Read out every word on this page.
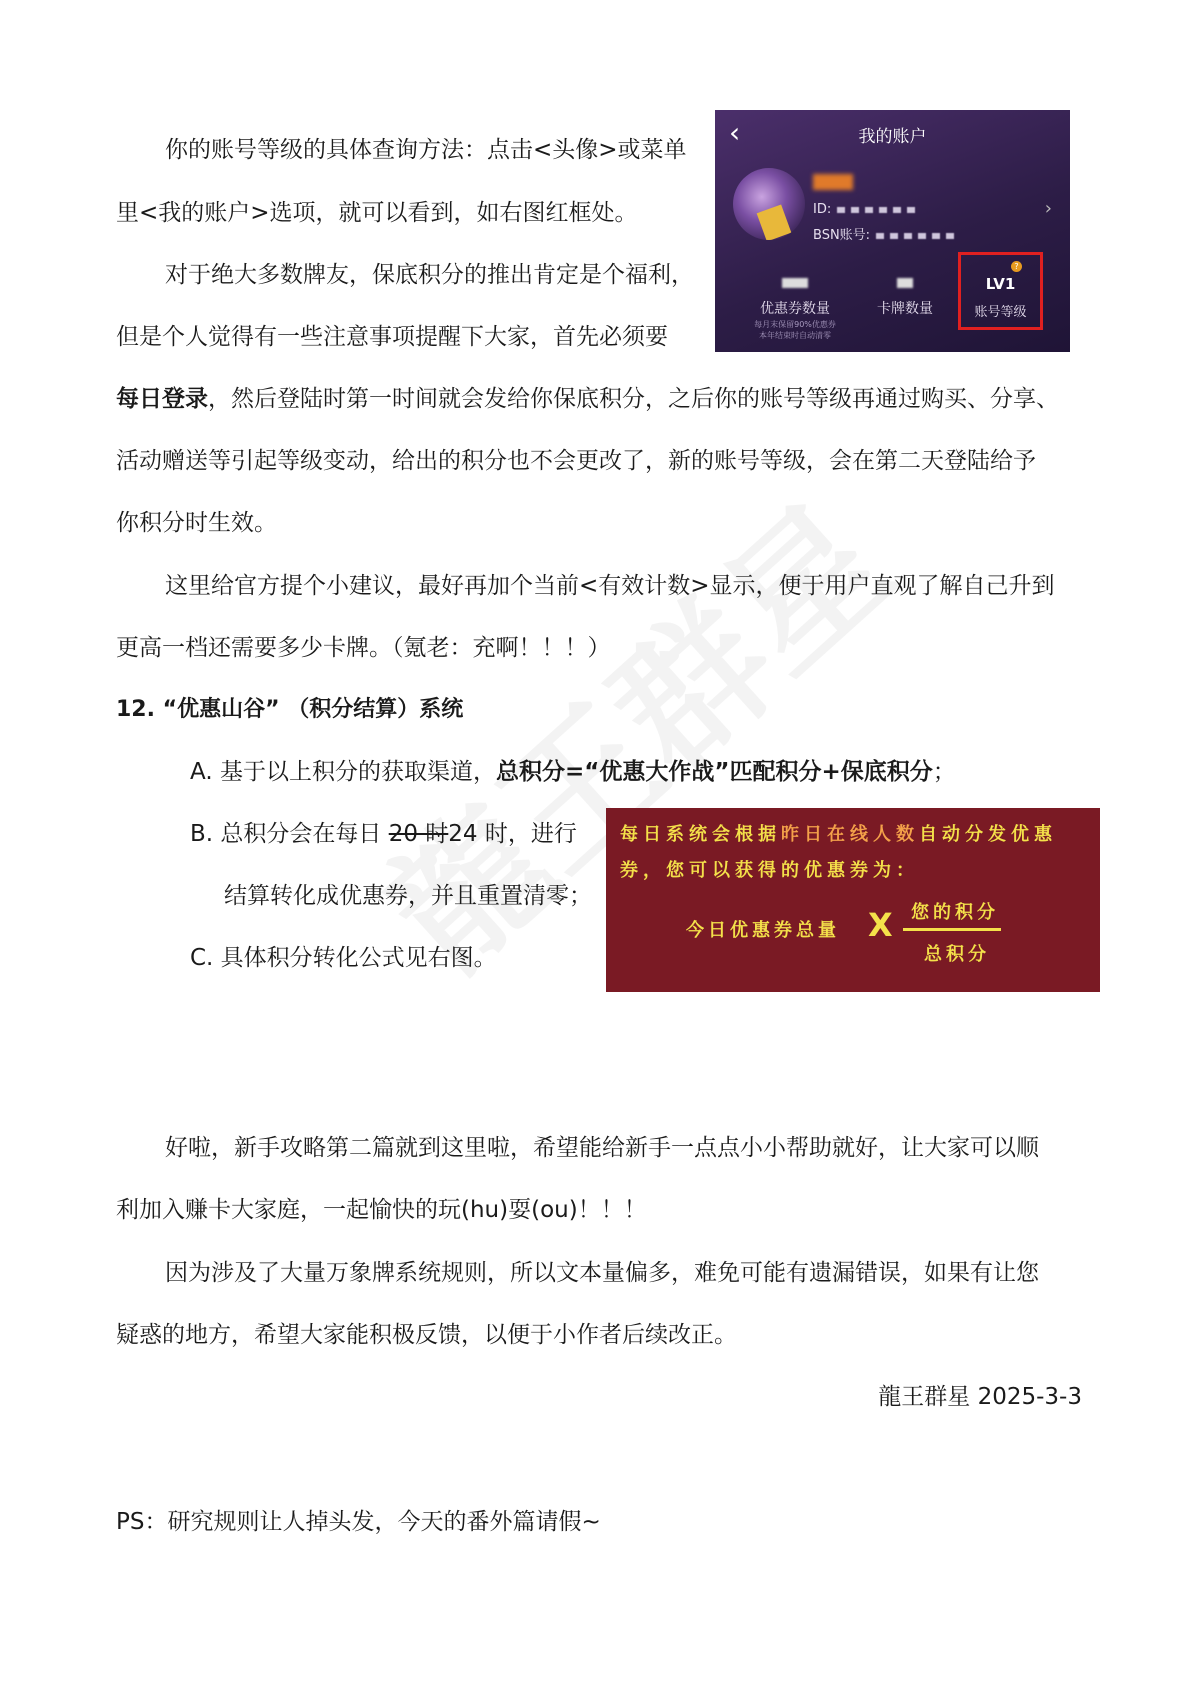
你的账号等级的具体查询方法：点击<头像>或菜单
里<我的账户>选项，就可以看到，如右图红框处。
对于绝大多数牌友，保底积分的推出肯定是个福利，
但是个人觉得有一些注意事项提醒下大家，首先必须要
每日登录，然后登陆时第一时间就会发给你保底积分，之后你的账号等级再通过购买、分享、
活动赠送等引起等级变动，给出的积分也不会更改了，新的账号等级，会在第二天登陆给予
你积分时生效。
这里给官方提个小建议，最好再加个当前<有效计数>显示，便于用户直观了解自己升到
更高一档还需要多少卡牌。（氪老：充啊！！！）
12. “优惠山谷” （积分结算）系统
A. 基于以上积分的获取渠道，总积分=“优惠大作战”匹配积分+保底积分；
B. 总积分会在每日 20 时24 时，进行
结算转化成优惠券，并且重置清零；
C. 具体积分转化公式见右图。
好啦，新手攻略第二篇就到这里啦，希望能给新手一点点小小帮助就好，让大家可以顺
利加入赚卡大家庭，一起愉快的玩(hu)耍(ou)！！！
因为涉及了大量万象牌系统规则，所以文本量偏多，难免可能有遗漏错误，如果有让您
疑惑的地方，希望大家能积极反馈，以便于小作者后续改正。
龍王群星 2025-3-3
PS：研究规则让人掉头发，今天的番外篇请假~
‹	我的账户
ID:
BSN账号:
›
优惠券数量
每月末保留90%优惠券
本年结束时自动清零
卡牌数量
?
LV1
账号等级
每日系统会根据昨日在线人数自动分发优惠
券，您可以获得的优惠券为：
今日优惠券总量 X 您的积分
总积分
